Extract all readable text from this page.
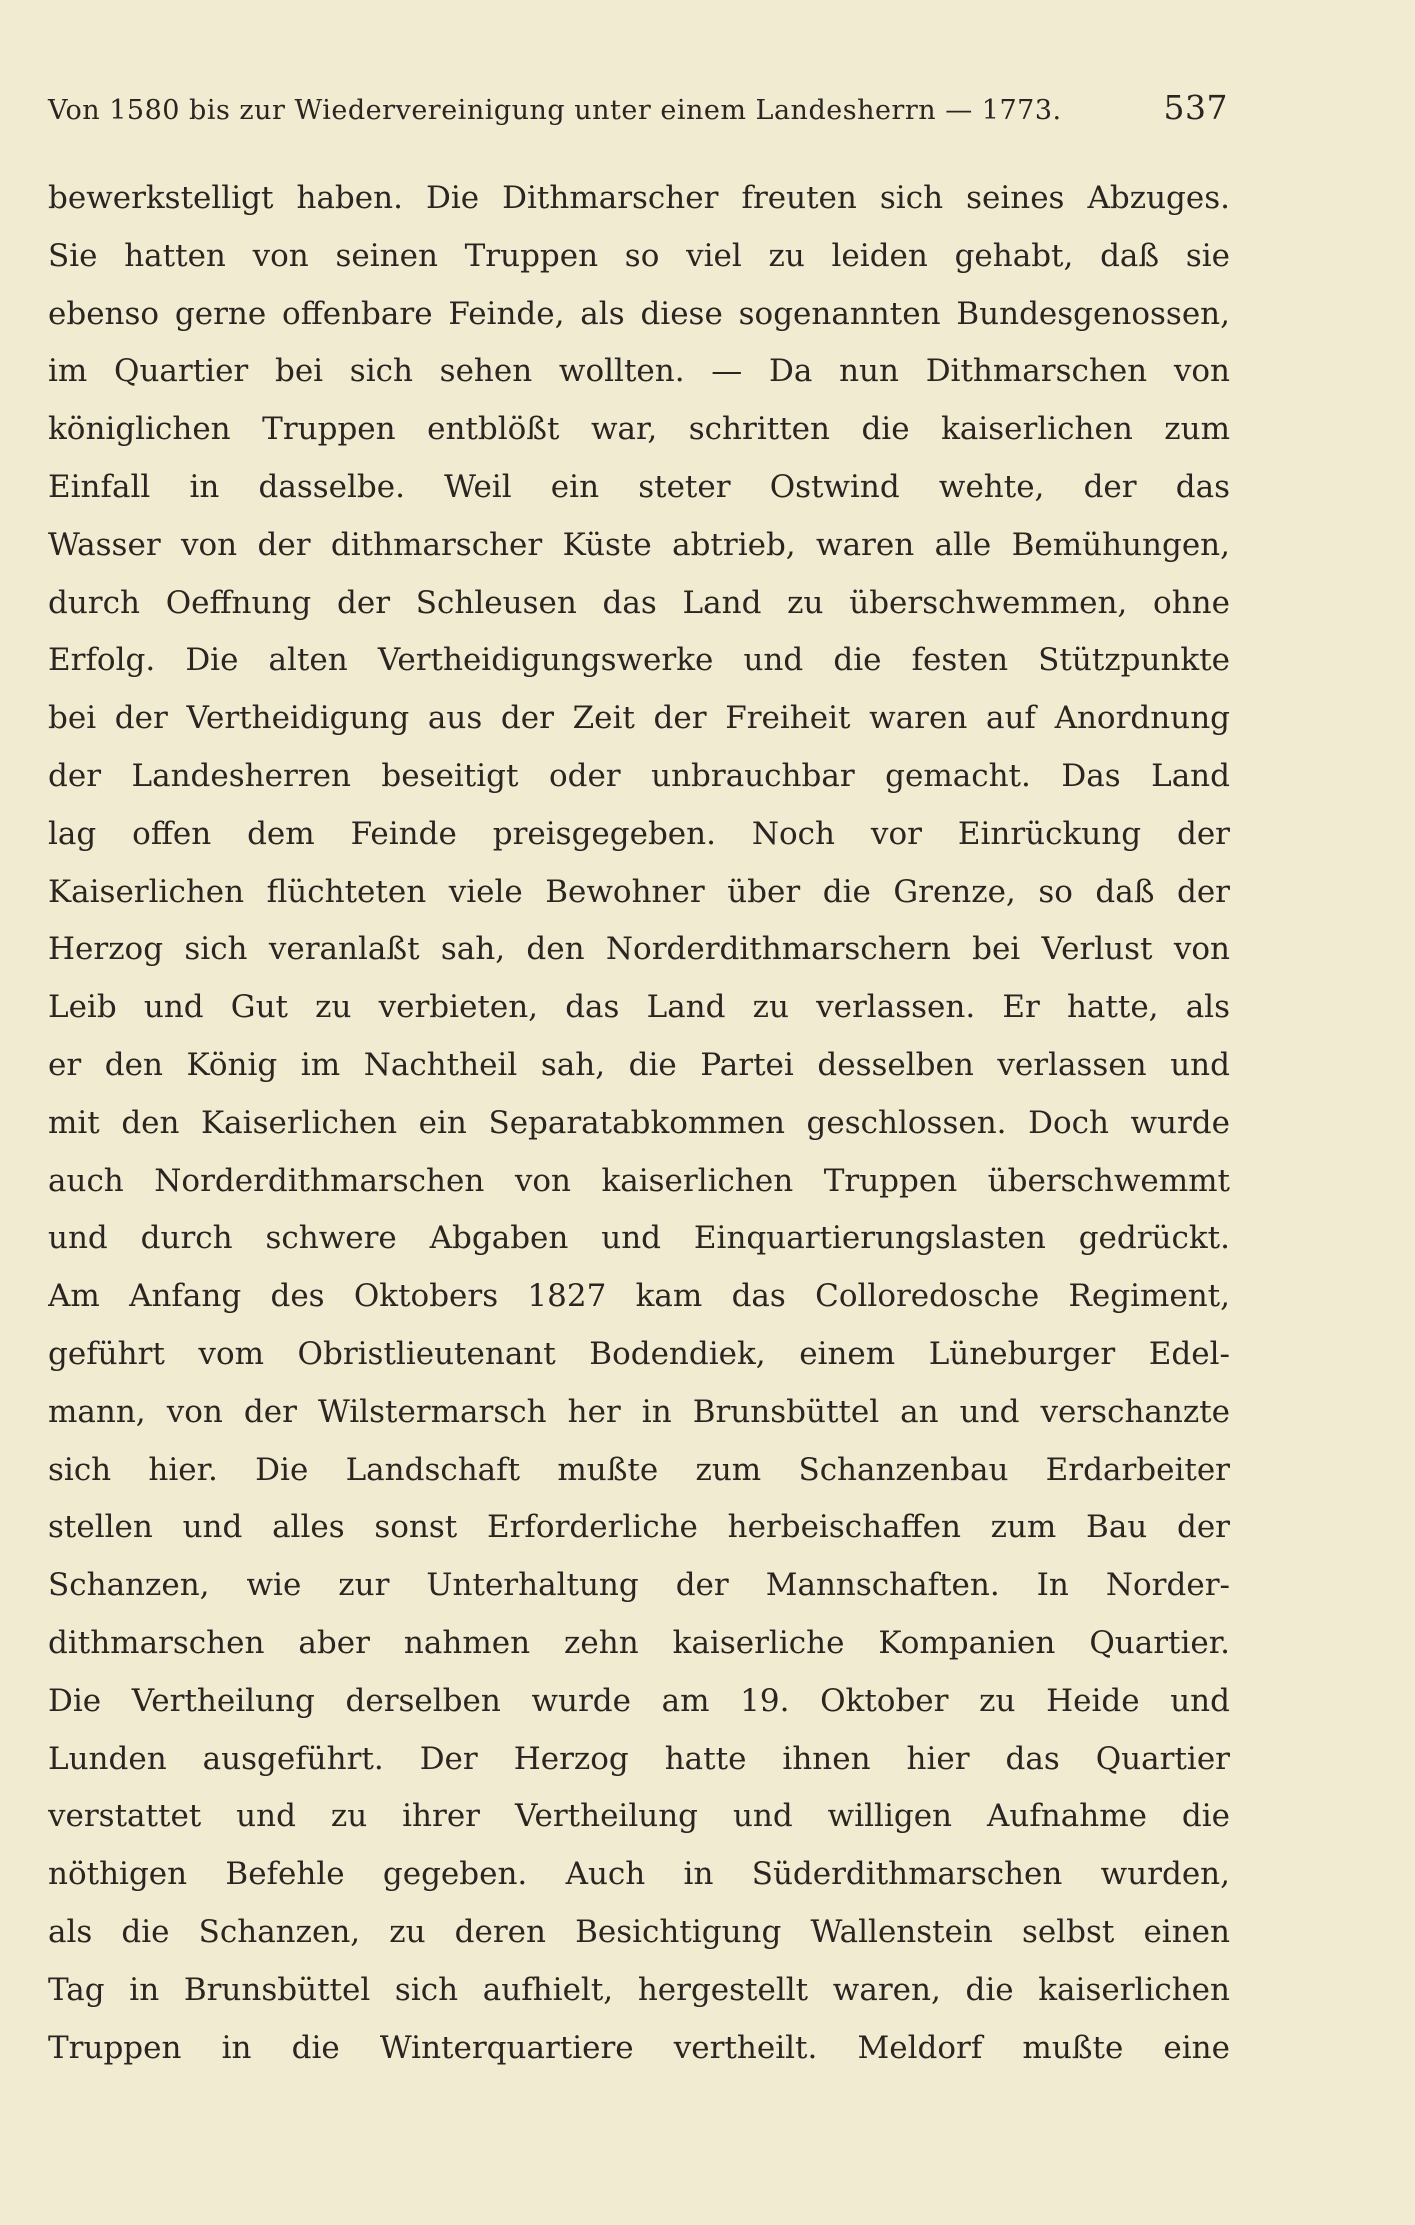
Von 1580 bis zur Wiedervereinigung unter einem Landesherrn — 1773.	537
bewerkstelligt haben. Die Dithmarscher freuten sich seines Abzuges.
Sie hatten von seinen Truppen so viel zu leiden gehabt, daß sie
ebenso gerne offenbare Feinde, als diese sogenannten Bundesgenossen,
im Quartier bei sich sehen wollten. — Da nun Dithmarschen von
königlichen Truppen entblößt war, schritten die kaiserlichen zum
Einfall in dasselbe. Weil ein steter Ostwind wehte, der das
Wasser von der dithmarscher Küste abtrieb, waren alle Bemühungen,
durch Oeffnung der Schleusen das Land zu überschwemmen, ohne
Erfolg. Die alten Vertheidigungswerke und die festen Stützpunkte
bei der Vertheidigung aus der Zeit der Freiheit waren auf Anordnung
der Landesherren beseitigt oder unbrauchbar gemacht. Das Land
lag offen dem Feinde preisgegeben. Noch vor Einrückung der
Kaiserlichen flüchteten viele Bewohner über die Grenze, so daß der
Herzog sich veranlaßt sah, den Norderdithmarschern bei Verlust von
Leib und Gut zu verbieten, das Land zu verlassen. Er hatte, als
er den König im Nachtheil sah, die Partei desselben verlassen und
mit den Kaiserlichen ein Separatabkommen geschlossen. Doch wurde
auch Norderdithmarschen von kaiserlichen Truppen überschwemmt
und durch schwere Abgaben und Einquartierungslasten gedrückt.
Am Anfang des Oktobers 1827 kam das Colloredosche Regiment,
geführt vom Obristlieutenant Bodendiek, einem Lüneburger Edel-
mann, von der Wilstermarsch her in Brunsbüttel an und verschanzte
sich hier. Die Landschaft mußte zum Schanzenbau Erdarbeiter
stellen und alles sonst Erforderliche herbeischaffen zum Bau der
Schanzen, wie zur Unterhaltung der Mannschaften. In Norder-
dithmarschen aber nahmen zehn kaiserliche Kompanien Quartier.
Die Vertheilung derselben wurde am 19. Oktober zu Heide und
Lunden ausgeführt. Der Herzog hatte ihnen hier das Quartier
verstattet und zu ihrer Vertheilung und willigen Aufnahme die
nöthigen Befehle gegeben. Auch in Süderdithmarschen wurden,
als die Schanzen, zu deren Besichtigung Wallenstein selbst einen
Tag in Brunsbüttel sich aufhielt, hergestellt waren, die kaiserlichen
Truppen in die Winterquartiere vertheilt. Meldorf mußte eine
